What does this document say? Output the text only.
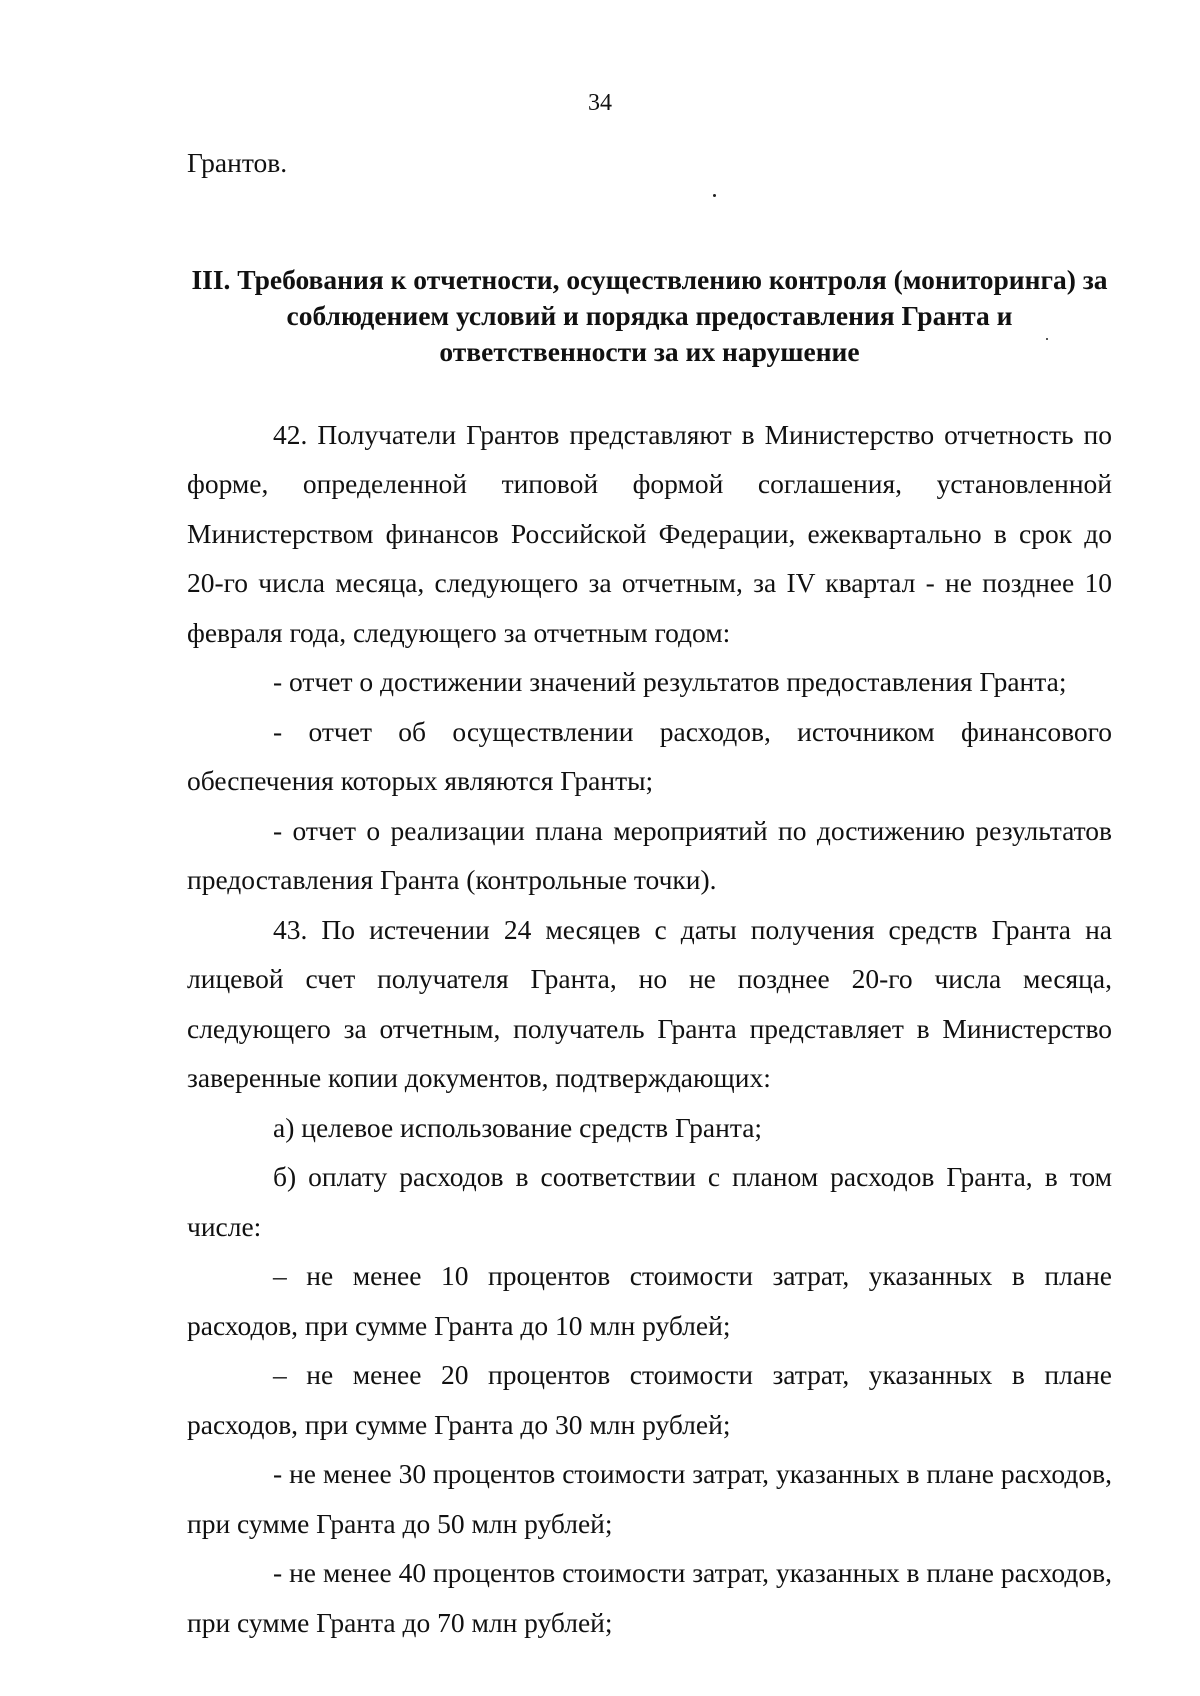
34

Грантов.

III. Требования к отчетности, осуществлению контроля (мониторинга) за соблюдением условий и порядка предоставления Гранта и ответственности за их нарушение

42. Получатели Грантов представляют в Министерство отчетность по форме, определенной типовой формой соглашения, установленной Министерством финансов Российской Федерации, ежеквартально в срок до 20-го числа месяца, следующего за отчетным, за IV квартал - не позднее 10 февраля года, следующего за отчетным годом:

- отчет о достижении значений результатов предоставления Гранта;

- отчет об осуществлении расходов, источником финансового обеспечения которых являются Гранты;

- отчет о реализации плана мероприятий по достижению результатов предоставления Гранта (контрольные точки).

43. По истечении 24 месяцев с даты получения средств Гранта на лицевой счет получателя Гранта, но не позднее 20-го числа месяца, следующего за отчетным, получатель Гранта представляет в Министерство заверенные копии документов, подтверждающих:

а) целевое использование средств Гранта;

б) оплату расходов в соответствии с планом расходов Гранта, в том числе:

– не менее 10 процентов стоимости затрат, указанных в плане расходов, при сумме Гранта до 10 млн рублей;

– не менее 20 процентов стоимости затрат, указанных в плане расходов, при сумме Гранта до 30 млн рублей;

- не менее 30 процентов стоимости затрат, указанных в плане расходов, при сумме Гранта до 50 млн рублей;

- не менее 40 процентов стоимости затрат, указанных в плане расходов, при сумме Гранта до 70 млн рублей;
